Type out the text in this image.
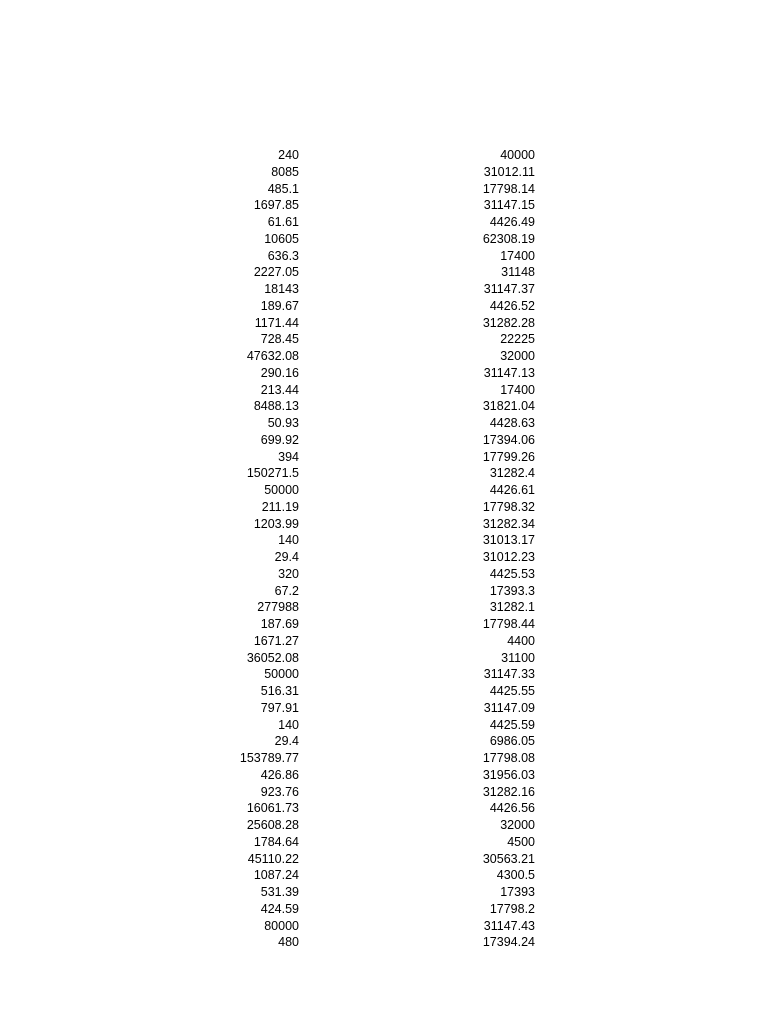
240	40000
8085	31012.11
485.1	17798.14
1697.85	31147.15
61.61	4426.49
10605	62308.19
636.3	17400
2227.05	31148
18143	31147.37
189.67	4426.52
1171.44	31282.28
728.45	22225
47632.08	32000
290.16	31147.13
213.44	17400
8488.13	31821.04
50.93	4428.63
699.92	17394.06
394	17799.26
150271.5	31282.4
50000	4426.61
211.19	17798.32
1203.99	31282.34
140	31013.17
29.4	31012.23
320	4425.53
67.2	17393.3
277988	31282.1
187.69	17798.44
1671.27	4400
36052.08	31100
50000	31147.33
516.31	4425.55
797.91	31147.09
140	4425.59
29.4	6986.05
153789.77	17798.08
426.86	31956.03
923.76	31282.16
16061.73	4426.56
25608.28	32000
1784.64	4500
45110.22	30563.21
1087.24	4300.5
531.39	17393
424.59	17798.2
80000	31147.43
480	17394.24
